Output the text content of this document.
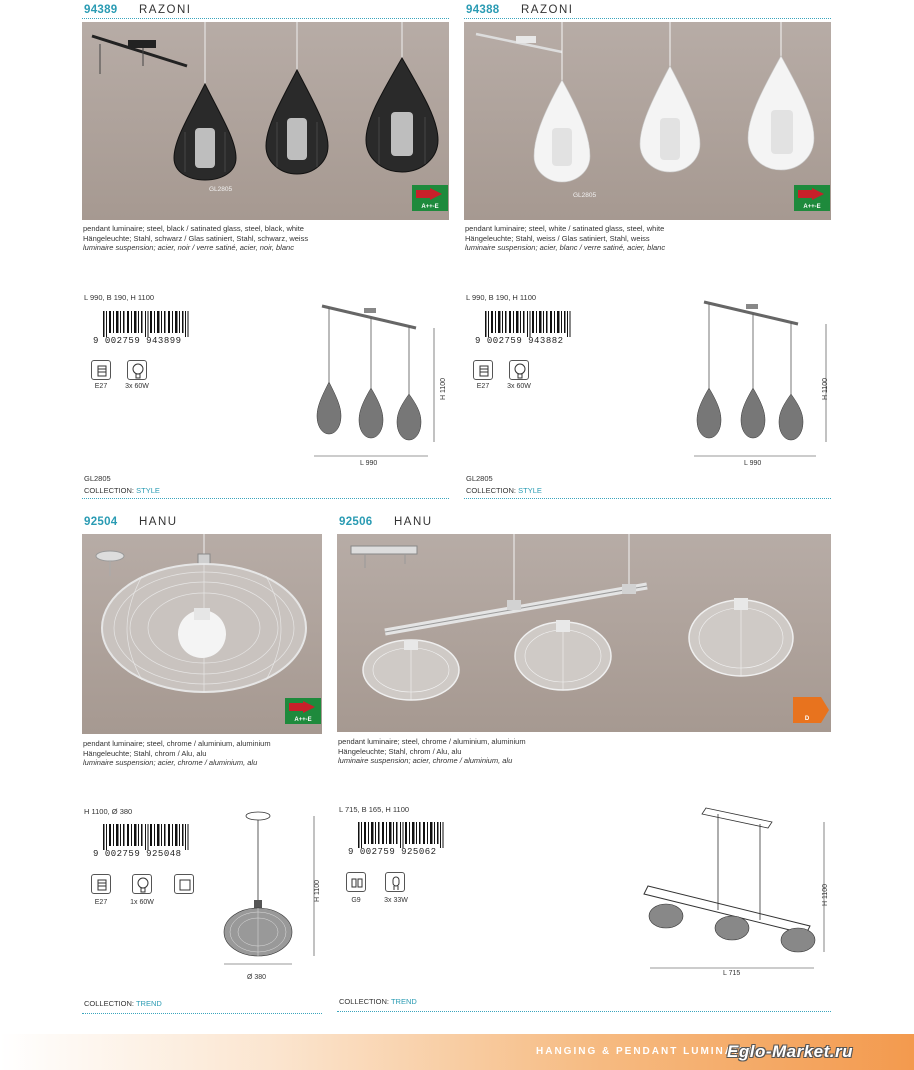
94389 RAZONI
GL2805
A++-E
pendant luminaire; steel, black / satinated glass, steel, black, white
Hängeleuchte; Stahl, schwarz / Glas satiniert, Stahl, schwarz, weiss
luminaire suspension; acier, noir / verre satiné, acier, noir, blanc
L 990, B 190, H 1100
9 002759 943899
E27	3x 60W	H 1100
L 990
GL2805
COLLECTION: STYLE
94388 RAZONI
GL2805
A++-E
pendant luminaire; steel, white / satinated glass, steel, white
Hängeleuchte; Stahl, weiss / Glas satiniert, Stahl, weiss
luminaire suspension; acier, blanc / verre satiné, acier, blanc
L 990, B 190, H 1100
9 002759 943882
E27	3x 60W	H 1100
L 990
GL2805
COLLECTION: STYLE
92504 HANU
A++-E
pendant luminaire; steel, chrome / aluminium, aluminium
Hängeleuchte; Stahl, chrom / Alu, alu
luminaire suspension; acier, chrome / aluminium, alu
H 1100, Ø 380
9 002759 925048
E27	1x 60W
H 1100
Ø 380
COLLECTION: TREND
92506 HANU
D
pendant luminaire; steel, chrome / aluminium, aluminium
Hängeleuchte; Stahl, chrom / Alu, alu
luminaire suspension; acier, chrome / aluminium, alu
L 715, B 165, H 1100
9 002759 925062
G9	3x 33W	H 1100
L 715
COLLECTION: TREND
HANGING & PENDANT LUMINAIRES
Eglo-Market.ru
